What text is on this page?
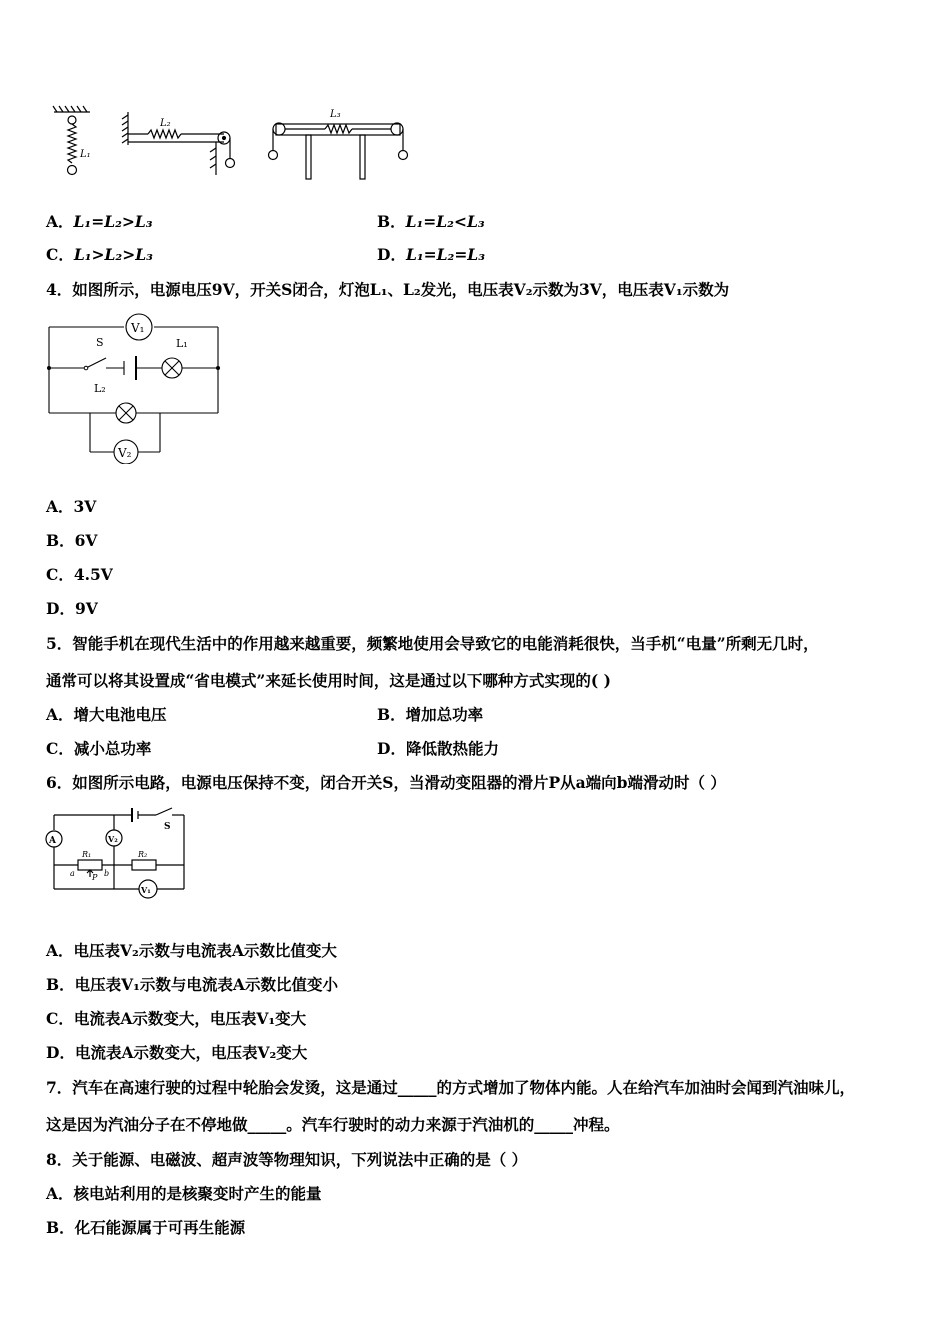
L₁
L₂
L₃
A．L₁=L₂>L₃	B．L₁=L₂<L₃
C．L₁>L₂>L₃	D．L₁=L₂=L₃
4．如图所示，电源电压9V，开关S闭合，灯泡L₁、L₂发光，电压表V₂示数为3V，电压表V₁示数为
V₁
V₂
S	L₁
L₂
A．3V
B．6V
C．4.5V
D．9V
5．智能手机在现代生活中的作用越来越重要，频繁地使用会导致它的电能消耗很快，当手机“电量”所剩无几时，
通常可以将其设置成“省电模式”来延长使用时间，这是通过以下哪种方式实现的( )
A．增大电池电压	B．增加总功率
C．减小总功率	D．降低散热能力
6．如图所示电路，电源电压保持不变，闭合开关S，当滑动变阻器的滑片P从a端向b端滑动时（ ）
A	V₂
V₁
S
R₁	R₂
a P b
A．电压表V₂示数与电流表A示数比值变大
B．电压表V₁示数与电流表A示数比值变小
C．电流表A示数变大，电压表V₁变大
D．电流表A示数变大，电压表V₂变大
7．汽车在高速行驶的过程中轮胎会发烫，这是通过_____的方式增加了物体内能。人在给汽车加油时会闻到汽油味儿，
这是因为汽油分子在不停地做_____。汽车行驶时的动力来源于汽油机的_____冲程。
8．关于能源、电磁波、超声波等物理知识，下列说法中正确的是（ ）
A．核电站利用的是核聚变时产生的能量
B．化石能源属于可再生能源
